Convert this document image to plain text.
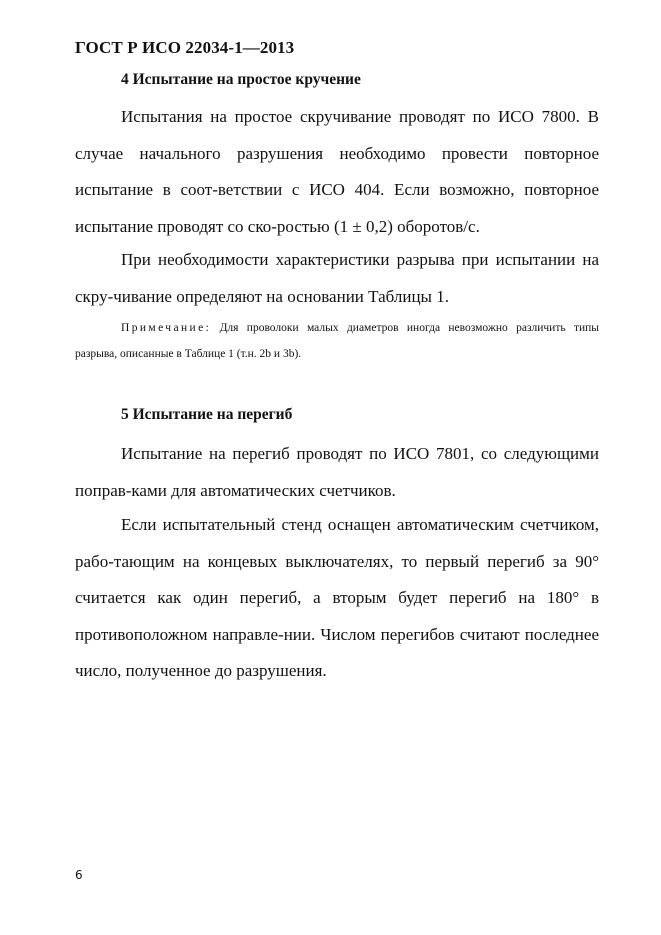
ГОСТ Р ИСО 22034-1—2013
4 Испытание на простое кручение

Испытания на простое скручивание проводят по ИСО 7800. В случае начального разрушения необходимо провести повторное испытание в соот-ветствии с ИСО 404. Если возможно, повторное испытание проводят со ско-ростью (1 ± 0,2) оборотов/с.

При необходимости характеристики разрыва при испытании на скру-чивание определяют на основании Таблицы 1.

Примечание: Для проволоки малых диаметров иногда невозможно различить типы разрыва, описанные в Таблице 1 (т.н. 2b и 3b).

5 Испытание на перегиб

Испытание на перегиб проводят по ИСО 7801, со следующими поправ-ками для автоматических счетчиков.

Если испытательный стенд оснащен автоматическим счетчиком, рабо-тающим на концевых выключателях, то первый перегиб за 90° считается как один перегиб, а вторым будет перегиб на 180° в противоположном направле-нии. Числом перегибов считают последнее число, полученное до разрушения.

6
